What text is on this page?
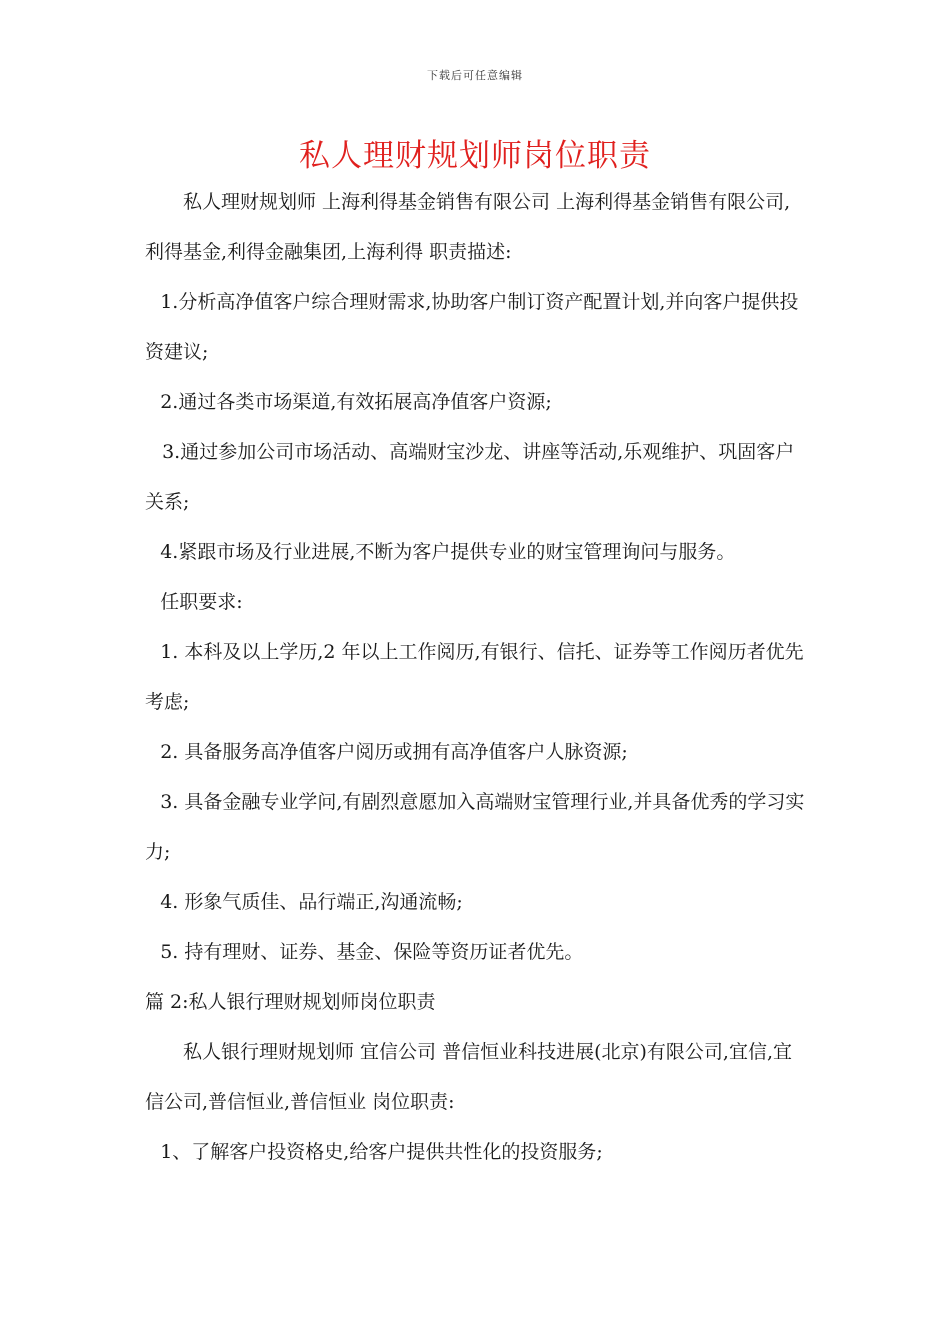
下载后可任意编辑
私人理财规划师岗位职责

私人理财规划师 上海利得基金销售有限公司 上海利得基金销售有限公司,利得基金,利得金融集团,上海利得 职责描述:

1.分析高净值客户综合理财需求,协助客户制订资产配置计划,并向客户提供投资建议;

2.通过各类市场渠道,有效拓展高净值客户资源;

3.通过参加公司市场活动、高端财宝沙龙、讲座等活动,乐观维护、巩固客户关系;

4.紧跟市场及行业进展,不断为客户提供专业的财宝管理询问与服务。

任职要求:

1. 本科及以上学历,2 年以上工作阅历,有银行、信托、证券等工作阅历者优先考虑;

2. 具备服务高净值客户阅历或拥有高净值客户人脉资源;

3. 具备金融专业学问,有剧烈意愿加入高端财宝管理行业,并具备优秀的学习实力;

4. 形象气质佳、品行端正,沟通流畅;

5. 持有理财、证券、基金、保险等资历证者优先。

篇 2:私人银行理财规划师岗位职责

私人银行理财规划师 宜信公司 普信恒业科技进展(北京)有限公司,宜信,宜信公司,普信恒业,普信恒业 岗位职责:

1、了解客户投资格史,给客户提供共性化的投资服务;
